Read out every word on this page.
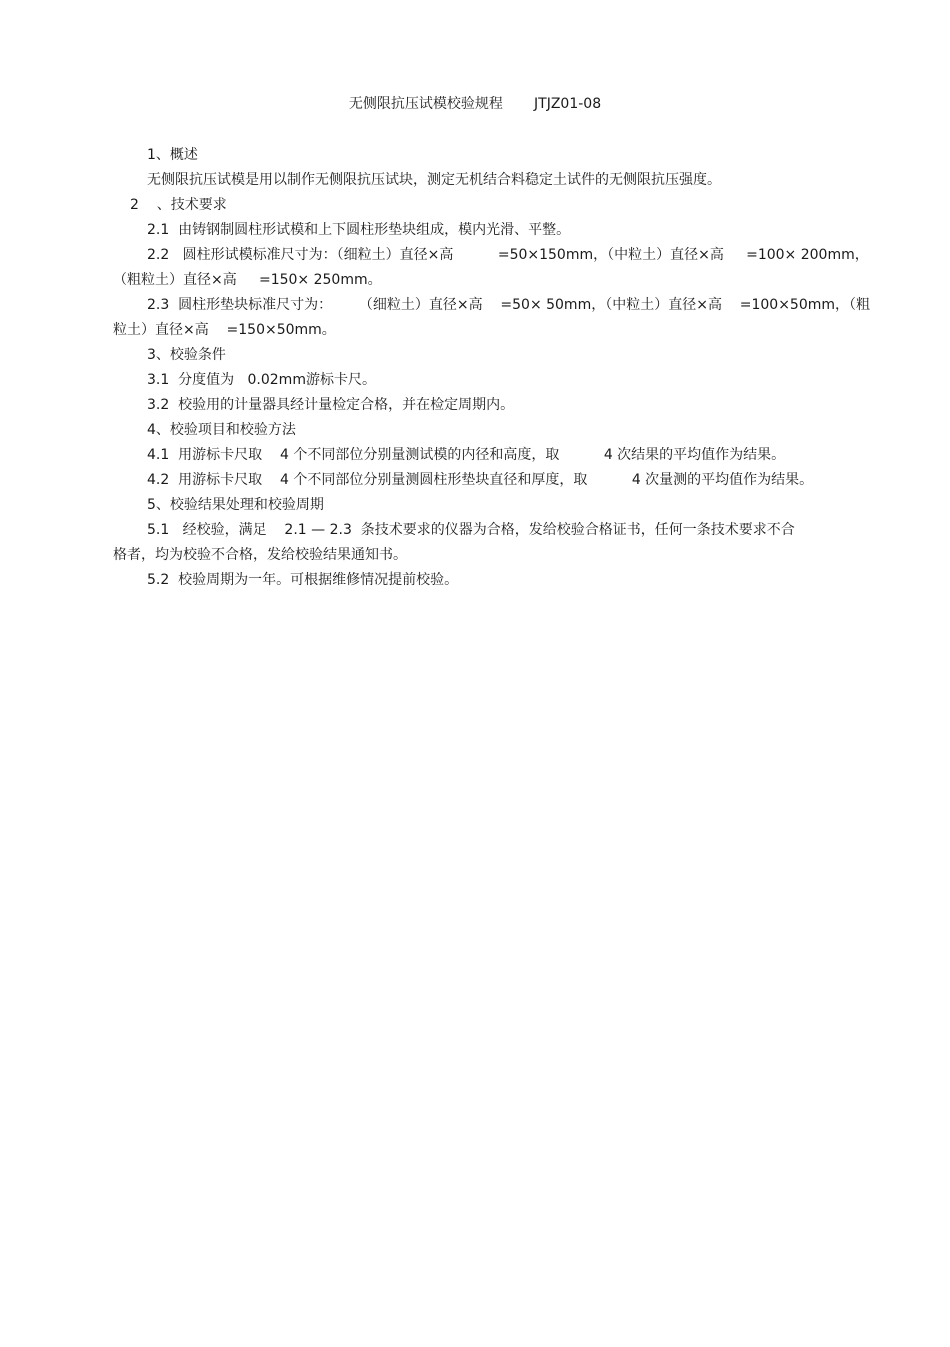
无侧限抗压试模校验规程       JTJZ01-08
1、概述
无侧限抗压试模是用以制作无侧限抗压试块，测定无机结合料稳定土试件的无侧限抗压强度。
2    、技术要求
2.1  由铸钢制圆柱形试模和上下圆柱形垫块组成，模内光滑、平整。
2.2   圆柱形试模标准尺寸为：（细粒土）直径×高          =50×150mm，（中粒土）直径×高     =100× 200mm，
（粗粒土）直径×高     =150× 250mm。
2.3  圆柱形垫块标准尺寸为：      （细粒土）直径×高    =50× 50mm，（中粒土）直径×高    =100×50mm，（粗
粒土）直径×高    =150×50mm。
3、校验条件
3.1  分度值为   0.02mm游标卡尺。
3.2  校验用的计量器具经计量检定合格，并在检定周期内。
4、校验项目和校验方法
4.1  用游标卡尺取    4 个不同部位分别量测试模的内径和高度，取          4 次结果的平均值作为结果。
4.2  用游标卡尺取    4 个不同部位分别量测圆柱形垫块直径和厚度，取          4 次量测的平均值作为结果。
5、校验结果处理和校验周期
5.1   经校验，满足    2.1 — 2.3  条技术要求的仪器为合格，发给校验合格证书，任何一条技术要求不合
格者，均为校验不合格，发给校验结果通知书。
5.2  校验周期为一年。可根据维修情况提前校验。
